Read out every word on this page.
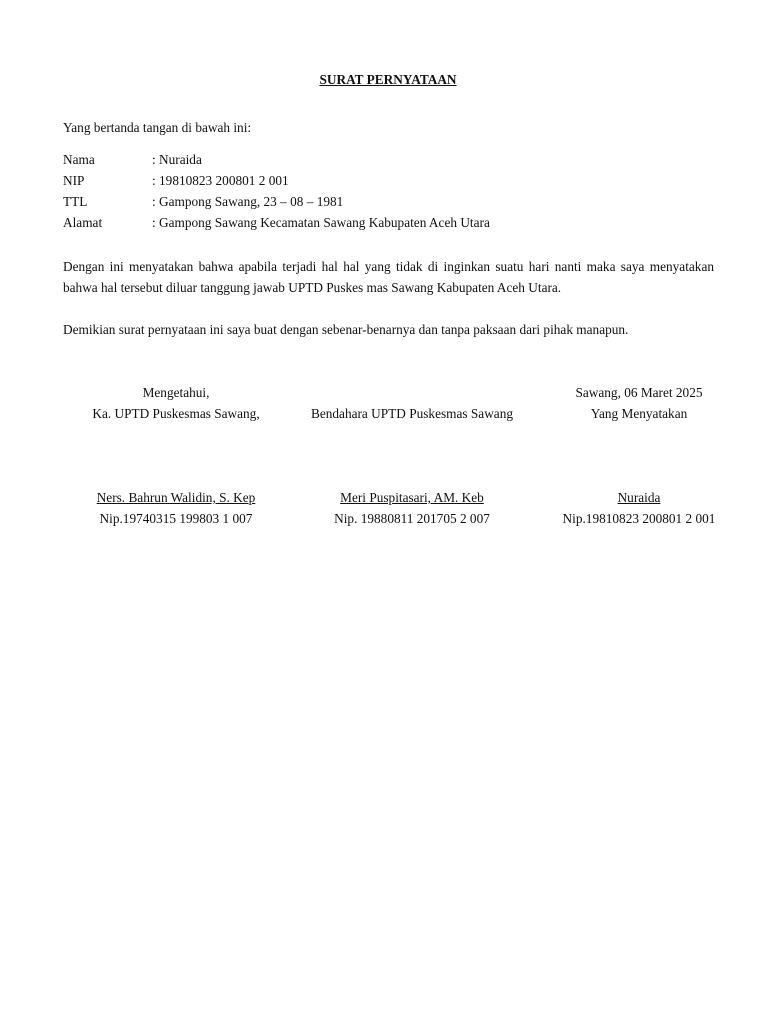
SURAT PERNYATAAN
Yang bertanda tangan di bawah ini:
Nama	: Nuraida
NIP	: 19810823 200801 2 001
TTL	: Gampong Sawang, 23 – 08 – 1981
Alamat	: Gampong Sawang Kecamatan Sawang Kabupaten Aceh Utara
Dengan ini menyatakan bahwa apabila terjadi hal hal yang tidak di inginkan suatu hari nanti maka saya menyatakan bahwa hal tersebut diluar tanggung jawab UPTD Puskes mas Sawang Kabupaten Aceh Utara.
Demikian surat pernyataan ini saya buat dengan sebenar-benarnya dan tanpa paksaan dari pihak manapun.
Mengetahui,
Ka. UPTD Puskesmas Sawang,
Ners. Bahrun Walidin, S. Kep
Nip.19740315 199803 1 007

Bendahara UPTD Puskesmas Sawang
Meri Puspitasari, AM. Keb
Nip. 19880811 201705 2 007
Sawang, 06 Maret 2025
Yang Menyatakan
Nuraida
Nip.19810823 200801 2 001
